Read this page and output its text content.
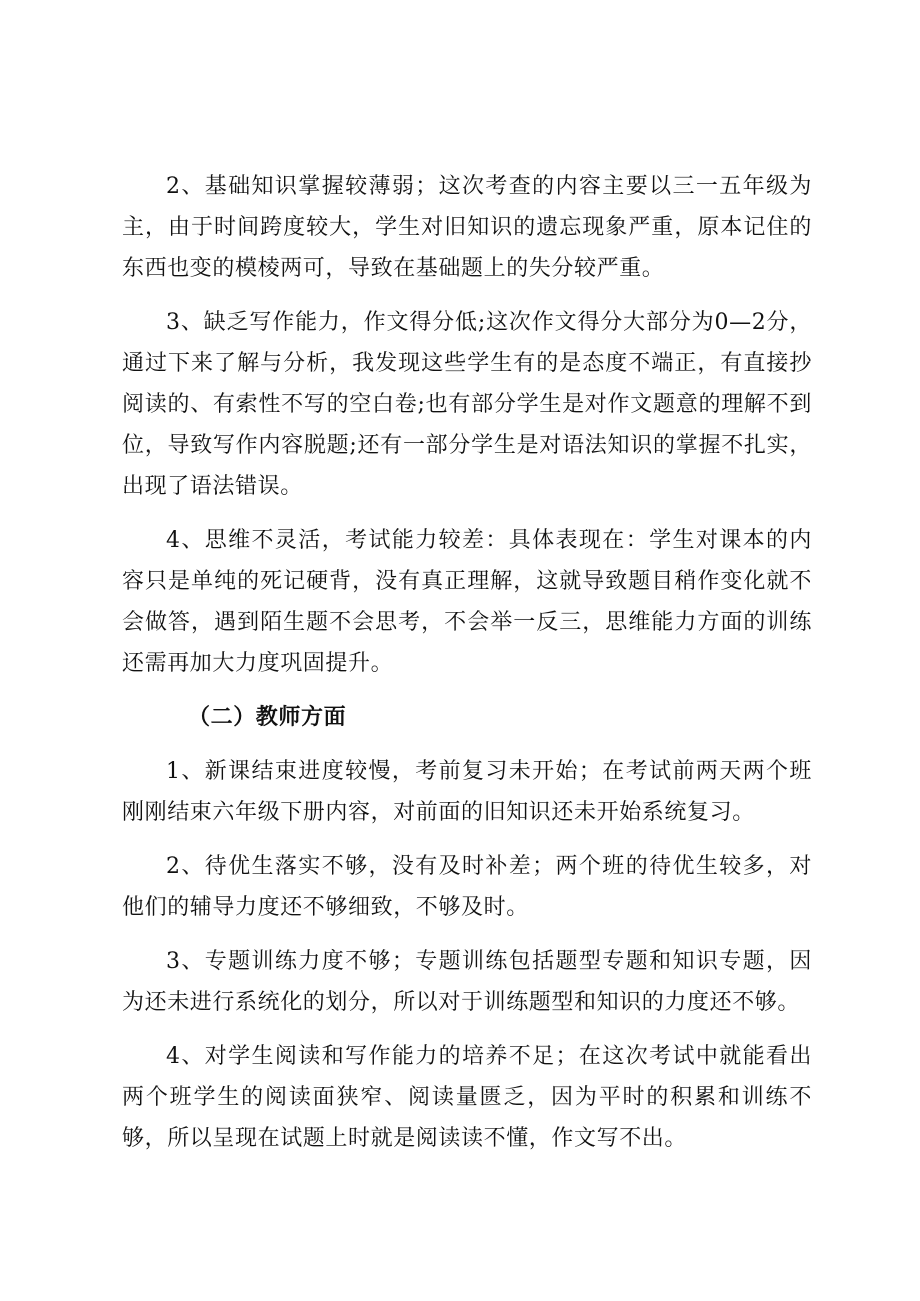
2、基础知识掌握较薄弱；这次考查的内容主要以三一五年级为主，由于时间跨度较大，学生对旧知识的遗忘现象严重，原本记住的东西也变的模棱两可，导致在基础题上的失分较严重。

3、缺乏写作能力，作文得分低;这次作文得分大部分为0—2分，通过下来了解与分析，我发现这些学生有的是态度不端正，有直接抄阅读的、有索性不写的空白卷;也有部分学生是对作文题意的理解不到位，导致写作内容脱题;还有一部分学生是对语法知识的掌握不扎实，出现了语法错误。

4、思维不灵活，考试能力较差：具体表现在：学生对课本的内容只是单纯的死记硬背，没有真正理解，这就导致题目稍作变化就不会做答，遇到陌生题不会思考，不会举一反三，思维能力方面的训练还需再加大力度巩固提升。

（二）教师方面

1、新课结束进度较慢，考前复习未开始；在考试前两天两个班刚刚结束六年级下册内容，对前面的旧知识还未开始系统复习。

2、待优生落实不够，没有及时补差；两个班的待优生较多，对他们的辅导力度还不够细致，不够及时。

3、专题训练力度不够；专题训练包括题型专题和知识专题，因为还未进行系统化的划分，所以对于训练题型和知识的力度还不够。

4、对学生阅读和写作能力的培养不足；在这次考试中就能看出两个班学生的阅读面狭窄、阅读量匮乏，因为平时的积累和训练不够，所以呈现在试题上时就是阅读读不懂，作文写不出。
